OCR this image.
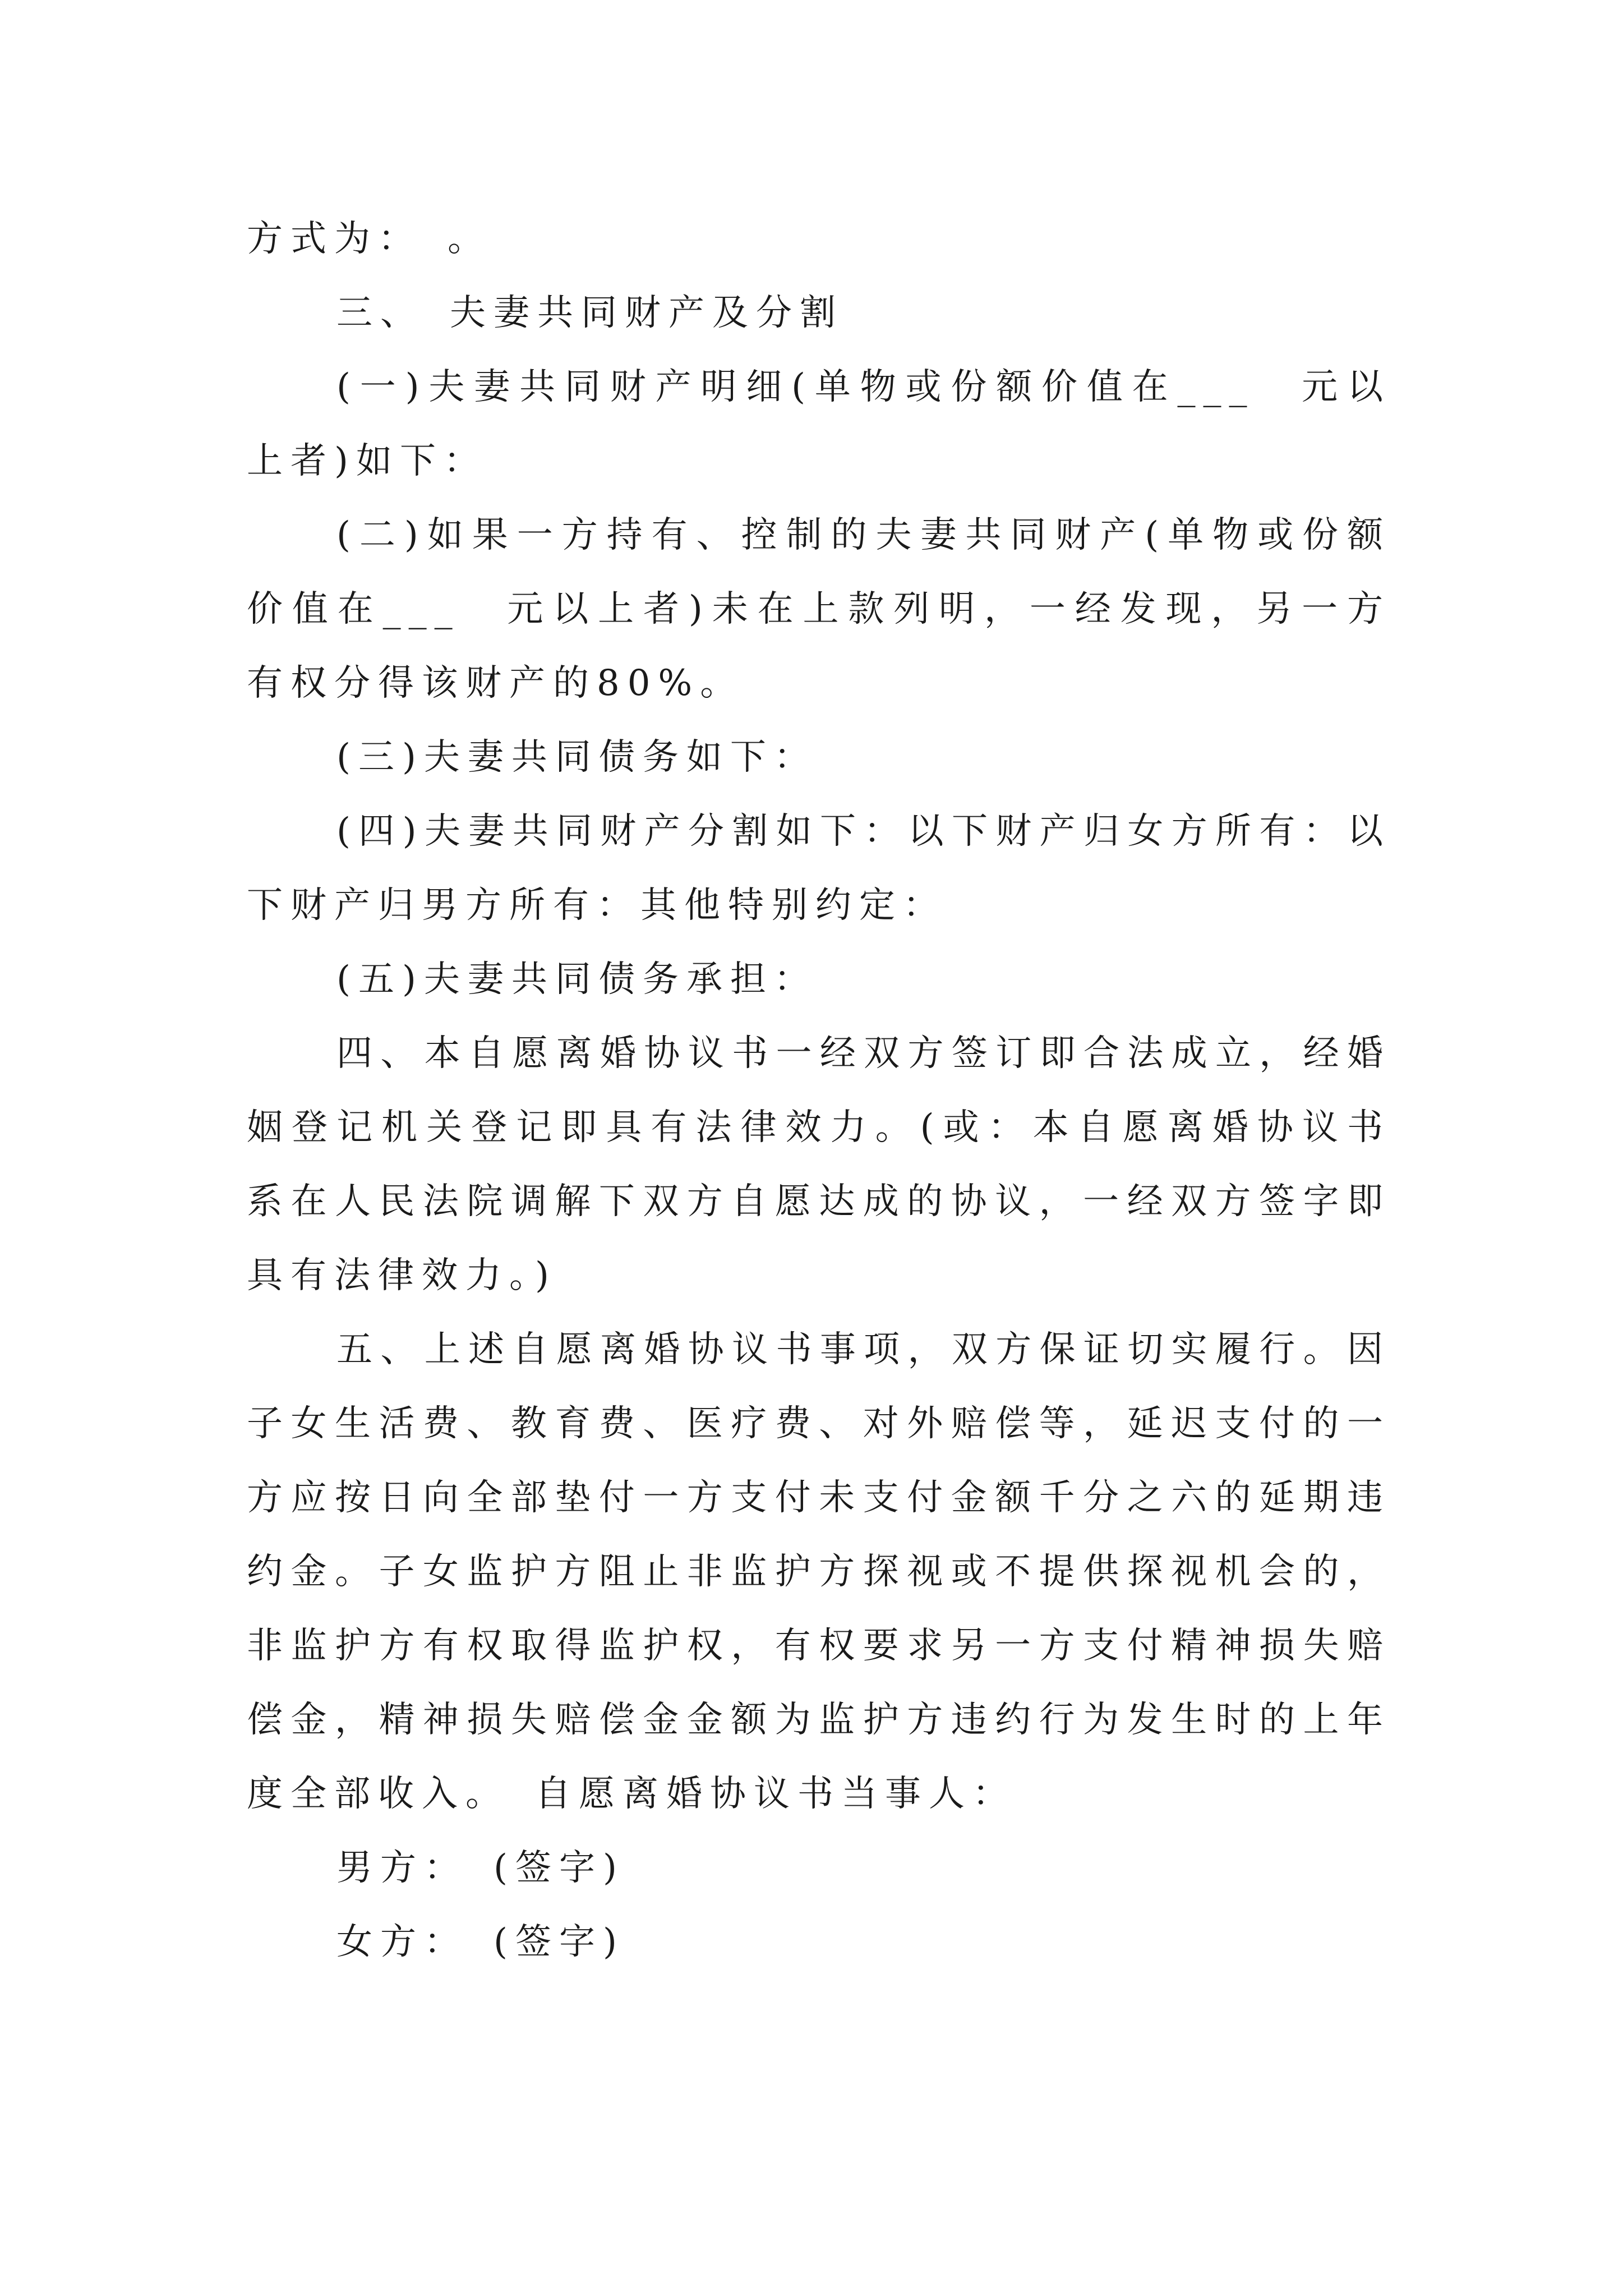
方式为：　。

三、　夫妻共同财产及分割

(一)夫妻共同财产明细(单物或份额价值在___　元以上者)如下：

(二)如果一方持有、控制的夫妻共同财产(单物或份额价值在___　元以上者)未在上款列明，一经发现，另一方有权分得该财产的80%。

(三)夫妻共同债务如下：

(四)夫妻共同财产分割如下：以下财产归女方所有：以下财产归男方所有：其他特别约定：

(五)夫妻共同债务承担：

四、本自愿离婚协议书一经双方签订即合法成立，经婚姻登记机关登记即具有法律效力。(或：本自愿离婚协议书系在人民法院调解下双方自愿达成的协议，一经双方签字即具有法律效力。)

五、上述自愿离婚协议书事项，双方保证切实履行。因子女生活费、教育费、医疗费、对外赔偿等，延迟支付的一方应按日向全部垫付一方支付未支付金额千分之六的延期违约金。子女监护方阻止非监护方探视或不提供探视机会的，非监护方有权取得监护权，有权要求另一方支付精神损失赔偿金，精神损失赔偿金金额为监护方违约行为发生时的上年度全部收入。　自愿离婚协议书当事人：

男方：　(签字)

女方：　(签字)
